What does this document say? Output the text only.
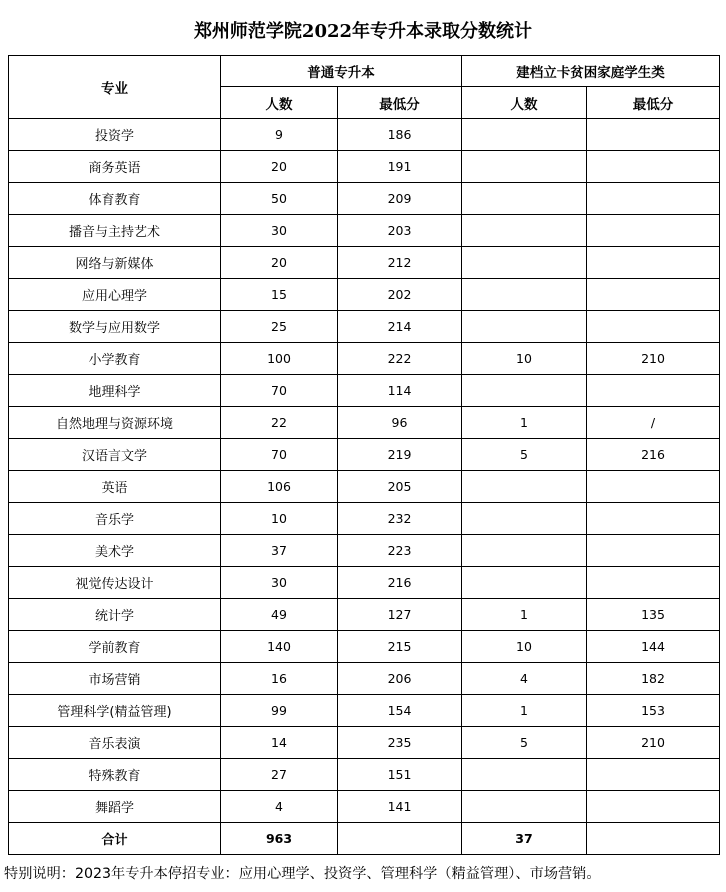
郑州师范学院2022年专升本录取分数统计
专业	普通专升本		建档立卡贫困家庭学生类	
	人数	最低分	人数	最低分
投资学	9	186		
商务英语	20	191		
体育教育	50	209		
播音与主持艺术	30	203		
网络与新媒体	20	212		
应用心理学	15	202		
数学与应用数学	25	214		
小学教育	100	222	10	210
地理科学	70	114		
自然地理与资源环境	22	96	1	/
汉语言文学	70	219	5	216
英语	106	205		
音乐学	10	232		
美术学	37	223		
视觉传达设计	30	216		
统计学	49	127	1	135
学前教育	140	215	10	144
市场营销	16	206	4	182
管理科学(精益管理)	99	154	1	153
音乐表演	14	235	5	210
特殊教育	27	151		
舞蹈学	4	141		
合计	963		37	
特别说明：2023年专升本停招专业：应用心理学、投资学、管理科学（精益管理）、市场营销。
